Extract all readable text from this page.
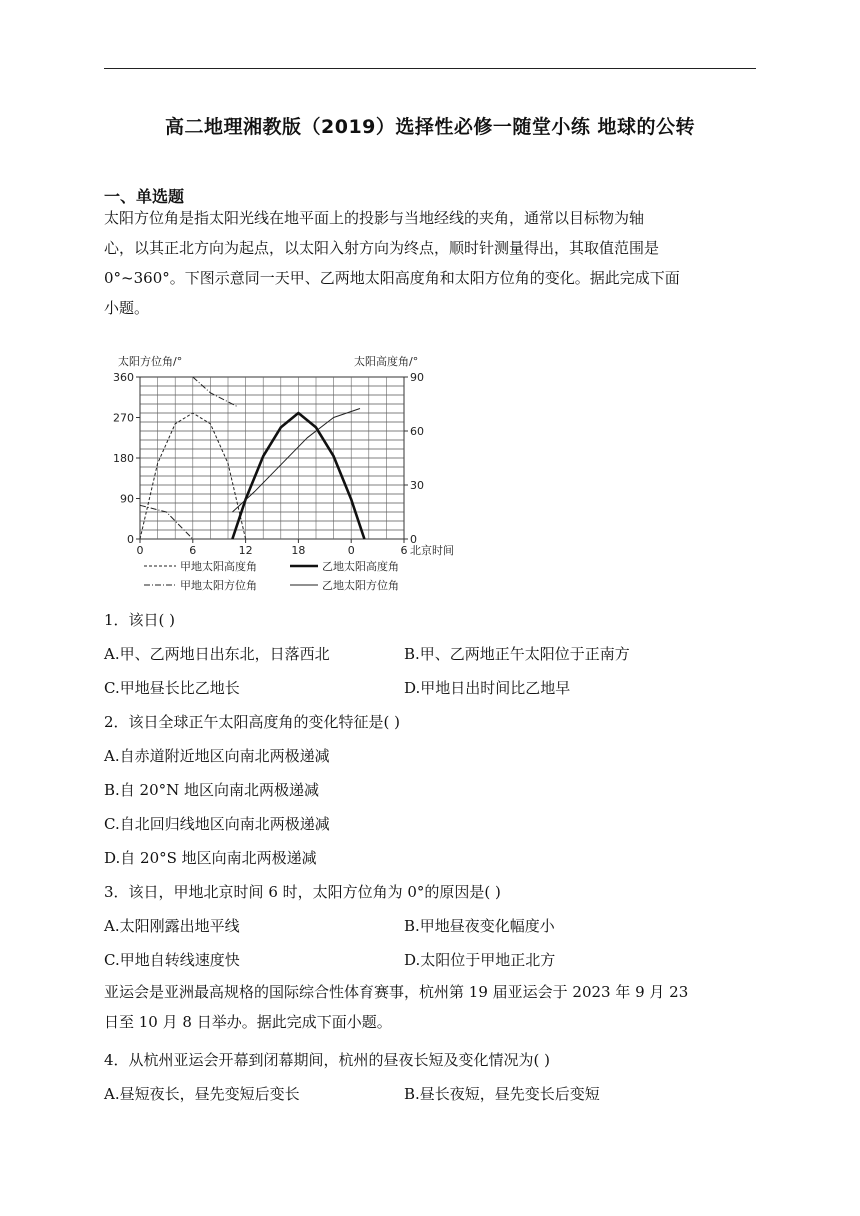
高二地理湘教版（2019）选择性必修一随堂小练 地球的公转
一、单选题
太阳方位角是指太阳光线在地平面上的投影与当地经线的夹角，通常以目标物为轴
心，以其正北方向为起点，以太阳入射方向为终点，顺时针测量得出，其取值范围是
0°~360°。下图示意同一天甲、乙两地太阳高度角和太阳方位角的变化。据此完成下面
小题。
0
90
180
270
360
0
30
60
90
0	6	12	18	0	6
太阳方位角/°	太阳高度角/°
北京时间
甲地太阳高度角	乙地太阳高度角
甲地太阳方位角	乙地太阳方位角
1．该日( )
A.甲、乙两地日出东北，日落西北	B.甲、乙两地正午太阳位于正南方
C.甲地昼长比乙地长	D.甲地日出时间比乙地早
2．该日全球正午太阳高度角的变化特征是( )
A.自赤道附近地区向南北两极递减
B.自 20°N 地区向南北两极递减
C.自北回归线地区向南北两极递减
D.自 20°S 地区向南北两极递减
3．该日，甲地北京时间 6 时，太阳方位角为 0°的原因是( )
A.太阳刚露出地平线	B.甲地昼夜变化幅度小
C.甲地自转线速度快	D.太阳位于甲地正北方
亚运会是亚洲最高规格的国际综合性体育赛事，杭州第 19 届亚运会于 2023 年 9 月 23
日至 10 月 8 日举办。据此完成下面小题。
4．从杭州亚运会开幕到闭幕期间，杭州的昼夜长短及变化情况为( )
A.昼短夜长，昼先变短后变长	B.昼长夜短，昼先变长后变短
